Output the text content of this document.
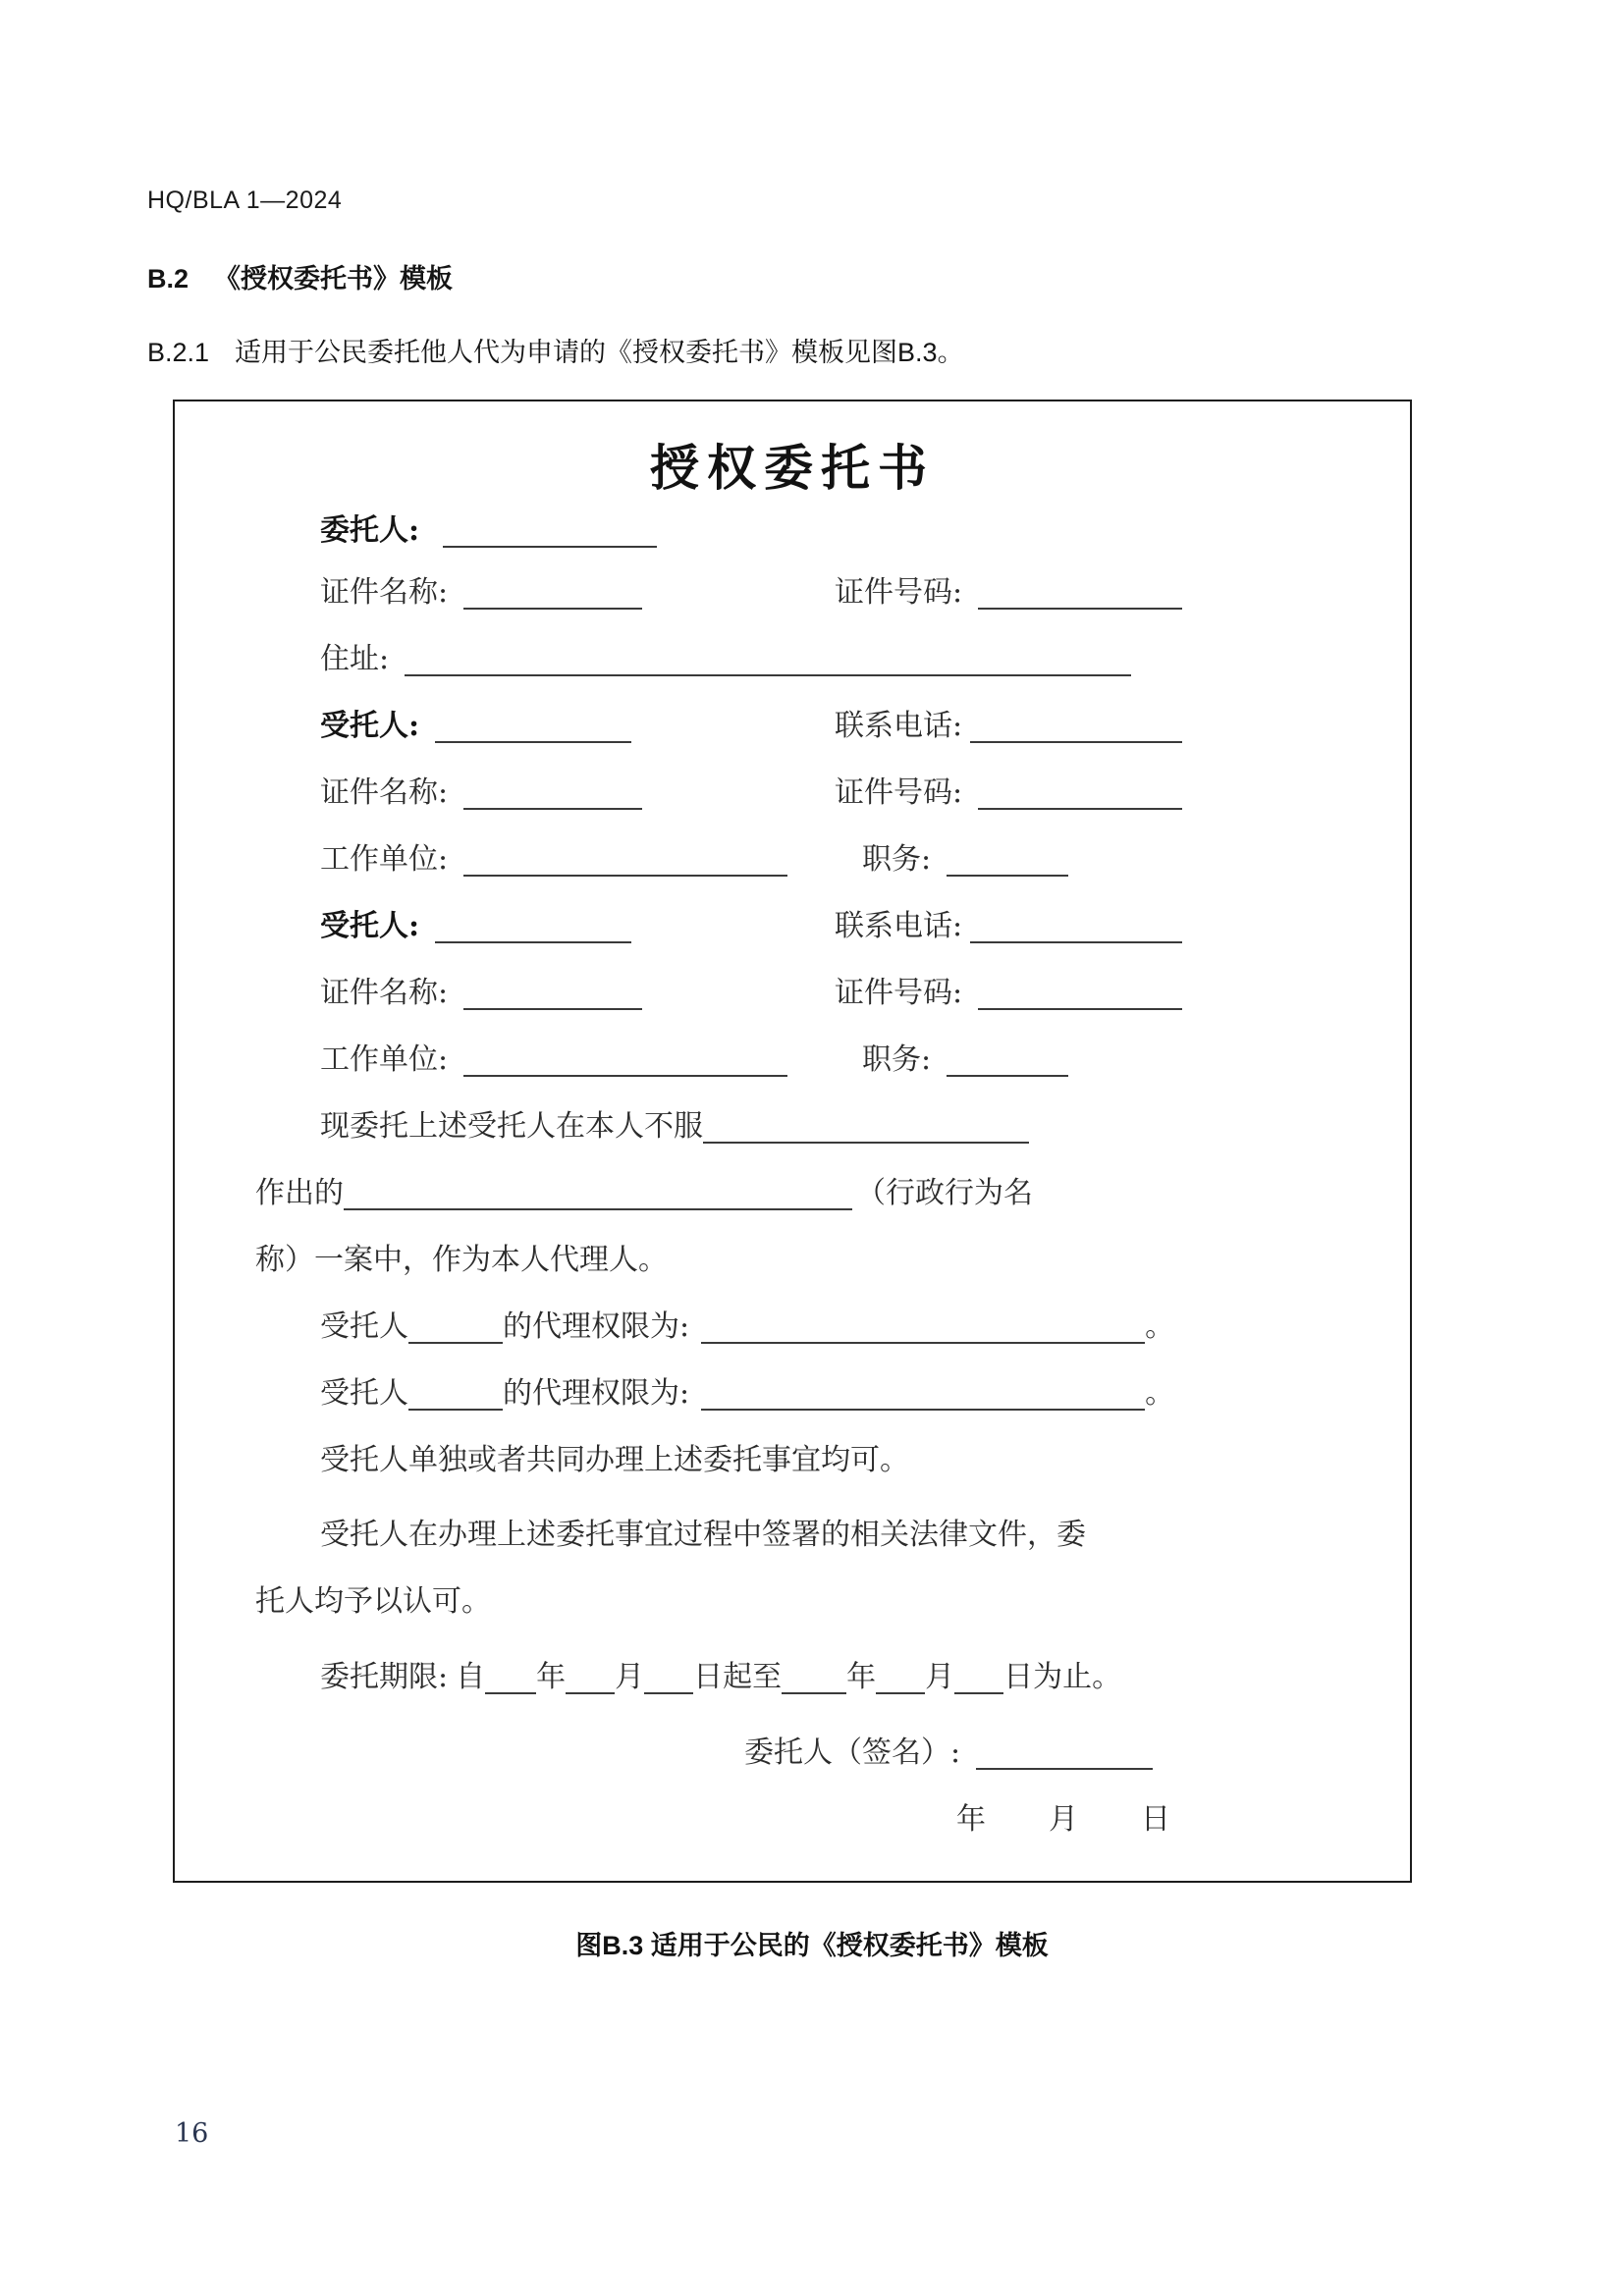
HQ/BLA 1—2024
B.2 《授权委托书》模板
B.2.1 适用于公民委托他人代为申请的《授权委托书》模板见图B.3。
授权委托书
委托人:
证件名称:	证件号码:
住址:
受托人:	联系电话:
证件名称:	证件号码:
工作单位:	职务:
受托人:	联系电话:
证件名称:	证件号码:
工作单位:	职务:
现委托上述受托人在本人不服
作出的	（行政行为名
称）一案中，作为本人代理人。
受托人	的代理权限为:	。
受托人	的代理权限为:	。
受托人单独或者共同办理上述委托事宜均可。
受托人在办理上述委托事宜过程中签署的相关法律文件，委
托人均予以认可。
委托期限: 自 年 月 日起至 年 月 日为止。
委托人（签名）:
年 月 日
图B.3 适用于公民的《授权委托书》模板
16
